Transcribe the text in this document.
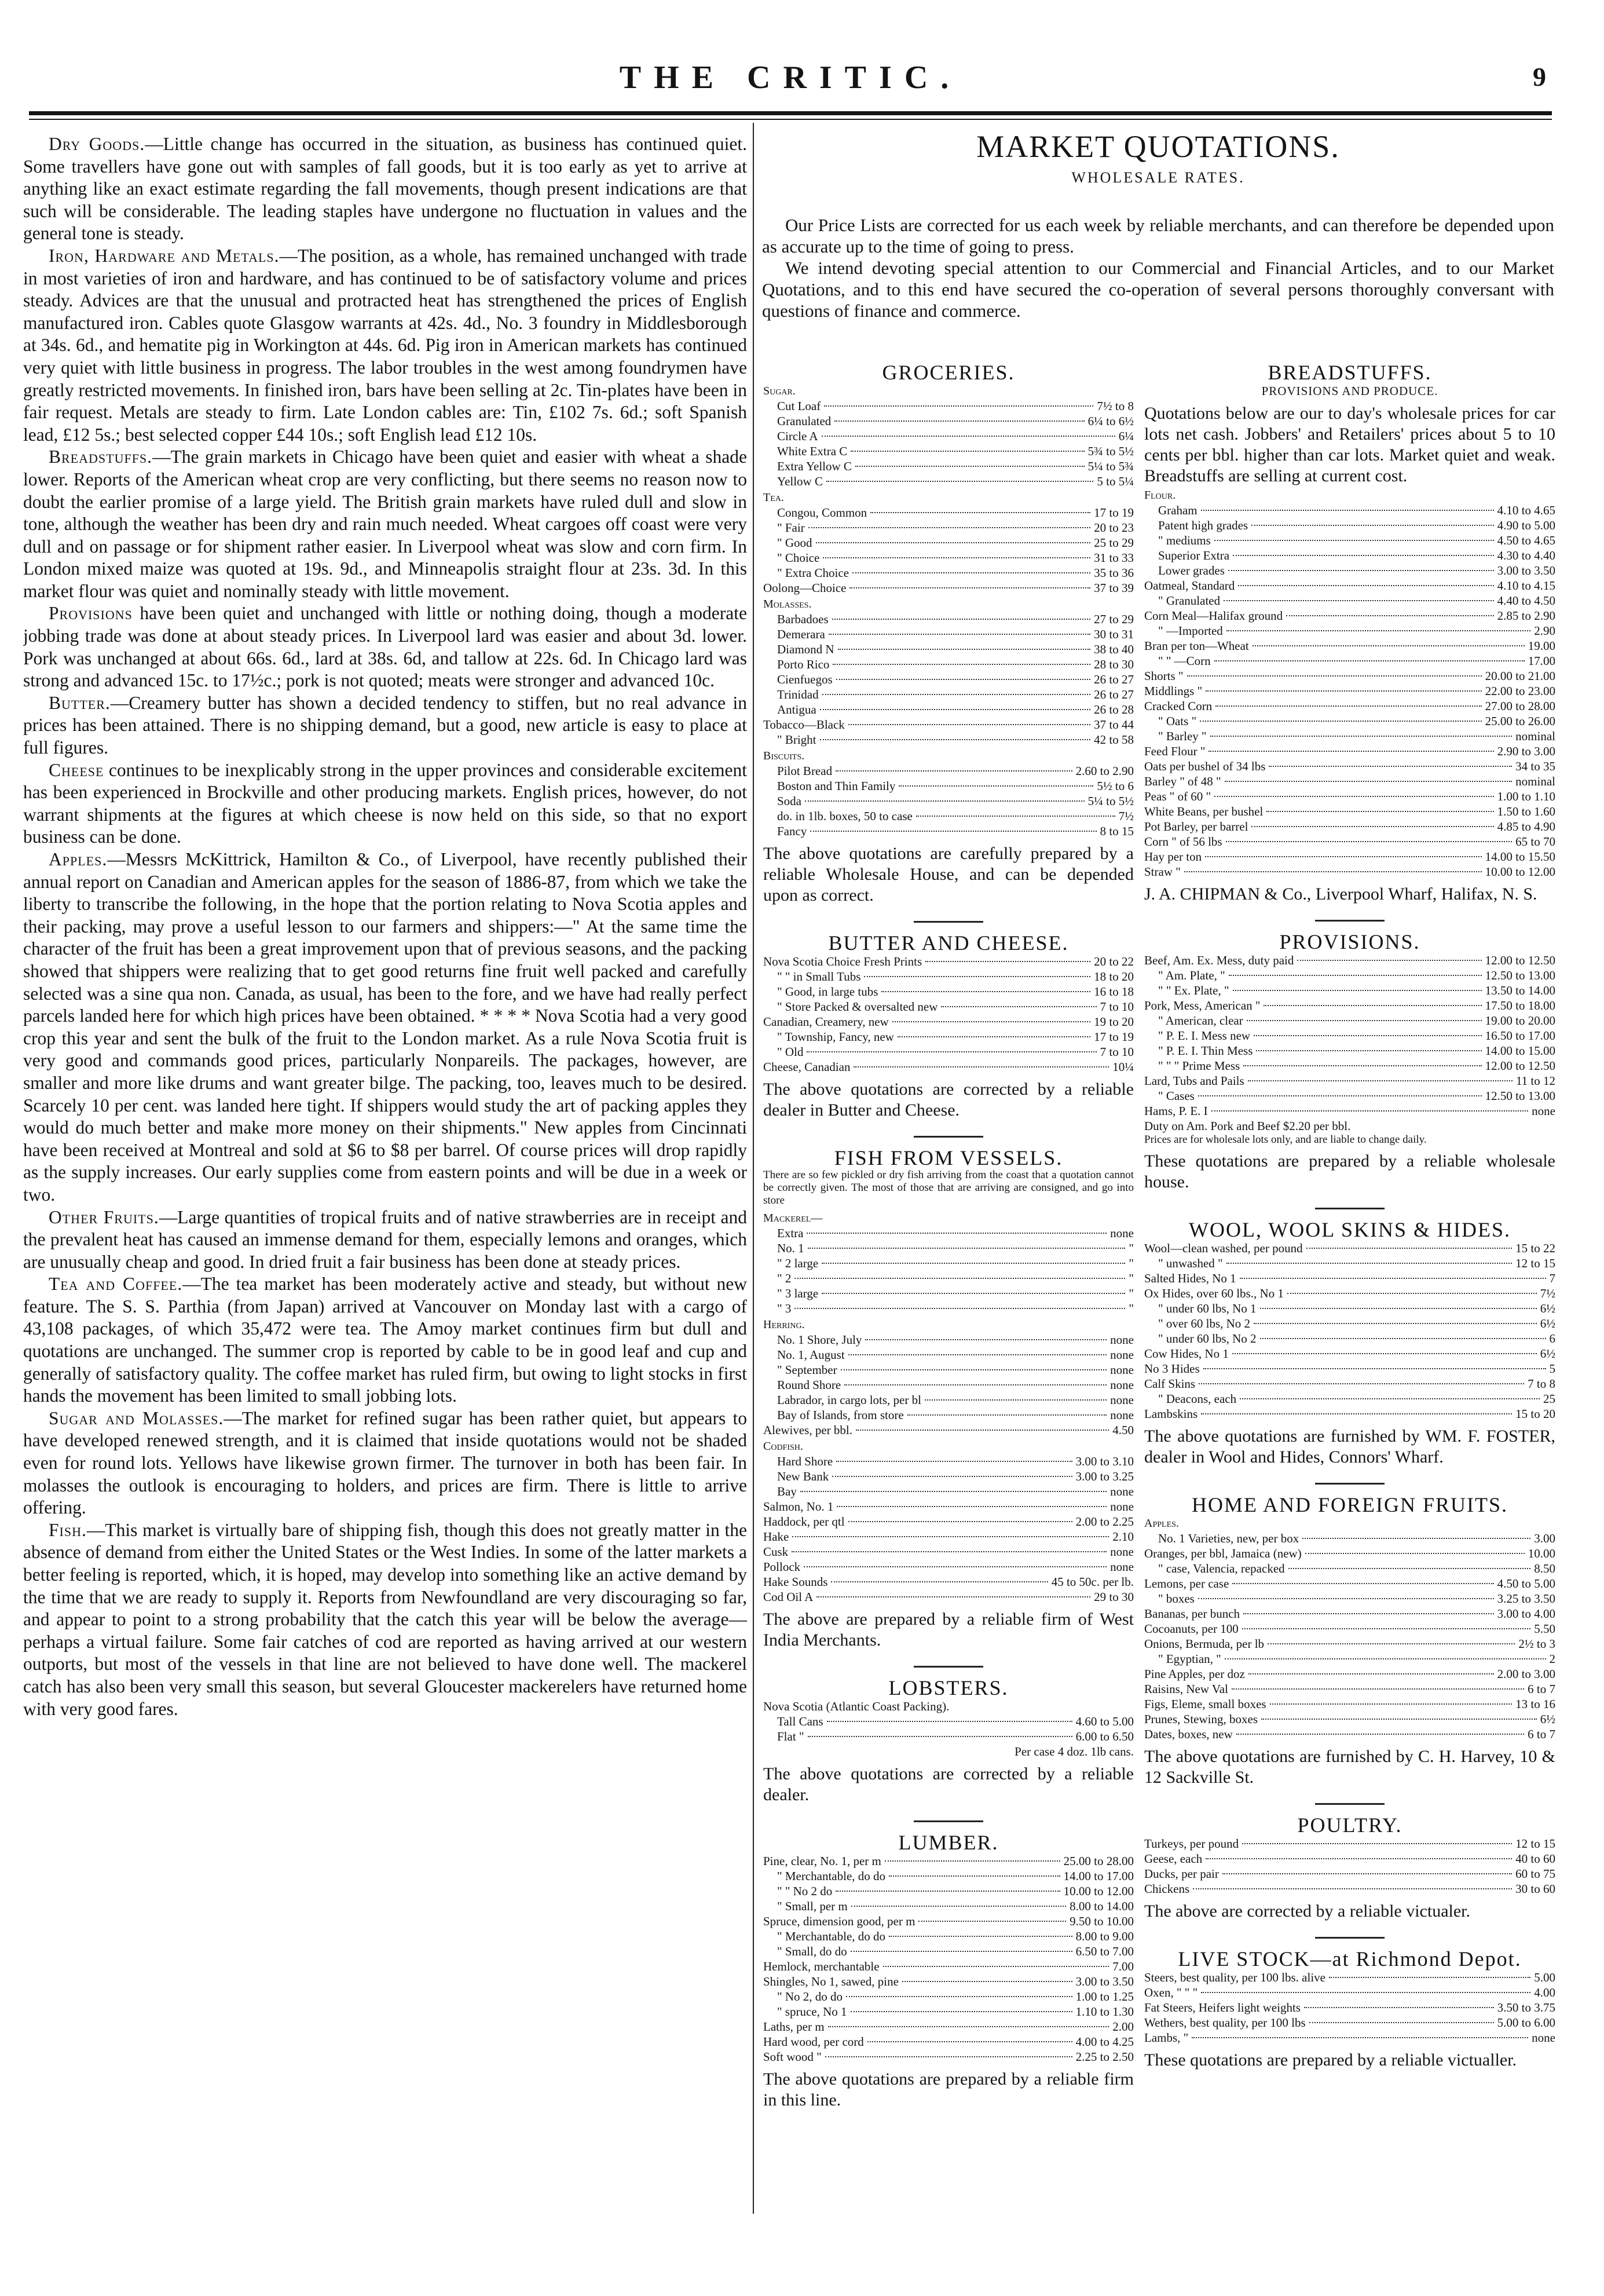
THE CRITIC.	9

Dry Goods.—Little change has occurred in the situation, as business has continued quiet. Some travellers have gone out with samples of fall goods, but it is too early as yet to arrive at anything like an exact estimate regarding the fall movements, though present indications are that such will be considerable. The leading staples have undergone no fluctuation in values and the general tone is steady.

Iron, Hardware and Metals.—The position, as a whole, has remained unchanged with trade in most varieties of iron and hardware, and has continued to be of satisfactory volume and prices steady. Advices are that the unusual and protracted heat has strengthened the prices of English manufactured iron. Cables quote Glasgow warrants at 42s. 4d., No. 3 foundry in Middlesborough at 34s. 6d., and hematite pig in Workington at 44s. 6d. Pig iron in American markets has continued very quiet with little business in progress. The labor troubles in the west among foundrymen have greatly restricted movements. In finished iron, bars have been selling at 2c. Tin-plates have been in fair request. Metals are steady to firm. Late London cables are: Tin, £102 7s. 6d.; soft Spanish lead, £12 5s.; best selected copper £44 10s.; soft English lead £12 10s.

Breadstuffs.—The grain markets in Chicago have been quiet and easier with wheat a shade lower. Reports of the American wheat crop are very conflicting, but there seems no reason now to doubt the earlier promise of a large yield. The British grain markets have ruled dull and slow in tone, although the weather has been dry and rain much needed. Wheat cargoes off coast were very dull and on passage or for shipment rather easier. In Liverpool wheat was slow and corn firm. In London mixed maize was quoted at 19s. 9d., and Minneapolis straight flour at 23s. 3d. In this market flour was quiet and nominally steady with little movement.

Provisions have been quiet and unchanged with little or nothing doing, though a moderate jobbing trade was done at about steady prices. In Liverpool lard was easier and about 3d. lower. Pork was unchanged at about 66s. 6d., lard at 38s. 6d, and tallow at 22s. 6d. In Chicago lard was strong and advanced 15c. to 17½c.; pork is not quoted; meats were stronger and advanced 10c.

Butter.—Creamery butter has shown a decided tendency to stiffen, but no real advance in prices has been attained. There is no shipping demand, but a good, new article is easy to place at full figures.

Cheese continues to be inexplicably strong in the upper provinces and considerable excitement has been experienced in Brockville and other producing markets. English prices, however, do not warrant shipments at the figures at which cheese is now held on this side, so that no export business can be done.

Apples.—Messrs McKittrick, Hamilton & Co., of Liverpool, have recently published their annual report on Canadian and American apples for the season of 1886-87, from which we take the liberty to transcribe the following, in the hope that the portion relating to Nova Scotia apples and their packing, may prove a useful lesson to our farmers and shippers:—" At the same time the character of the fruit has been a great improvement upon that of previous seasons, and the packing showed that shippers were realizing that to get good returns fine fruit well packed and carefully selected was a sine qua non. Canada, as usual, has been to the fore, and we have had really perfect parcels landed here for which high prices have been obtained. * * * * Nova Scotia had a very good crop this year and sent the bulk of the fruit to the London market. As a rule Nova Scotia fruit is very good and commands good prices, particularly Nonpareils. The packages, however, are smaller and more like drums and want greater bilge. The packing, too, leaves much to be desired. Scarcely 10 per cent. was landed here tight. If shippers would study the art of packing apples they would do much better and make more money on their shipments." New apples from Cincinnati have been received at Montreal and sold at $6 to $8 per barrel. Of course prices will drop rapidly as the supply increases. Our early supplies come from eastern points and will be due in a week or two.

Other Fruits.—Large quantities of tropical fruits and of native strawberries are in receipt and the prevalent heat has caused an immense demand for them, especially lemons and oranges, which are unusually cheap and good. In dried fruit a fair business has been done at steady prices.

Tea and Coffee.—The tea market has been moderately active and steady, but without new feature. The S. S. Parthia (from Japan) arrived at Vancouver on Monday last with a cargo of 43,108 packages, of which 35,472 were tea. The Amoy market continues firm but dull and quotations are unchanged. The summer crop is reported by cable to be in good leaf and cup and generally of satisfactory quality. The coffee market has ruled firm, but owing to light stocks in first hands the movement has been limited to small jobbing lots.

Sugar and Molasses.—The market for refined sugar has been rather quiet, but appears to have developed renewed strength, and it is claimed that inside quotations would not be shaded even for round lots. Yellows have likewise grown firmer. The turnover in both has been fair. In molasses the outlook is encouraging to holders, and prices are firm. There is little to arrive offering.

Fish.—This market is virtually bare of shipping fish, though this does not greatly matter in the absence of demand from either the United States or the West Indies. In some of the latter markets a better feeling is reported, which, it is hoped, may develop into something like an active demand by the time that we are ready to supply it. Reports from Newfoundland are very discouraging so far, and appear to point to a strong probability that the catch this year will be below the average—perhaps a virtual failure. Some fair catches of cod are reported as having arrived at our western outports, but most of the vessels in that line are not believed to have done well. The mackerel catch has also been very small this season, but several Gloucester mackerelers have returned home with very good fares.

MARKET QUOTATIONS.
WHOLESALE RATES.

Our Price Lists are corrected for us each week by reliable merchants, and can therefore be depended upon as accurate up to the time of going to press.

We intend devoting special attention to our Commercial and Financial Articles, and to our Market Quotations, and to this end have secured the co-operation of several persons thoroughly conversant with questions of finance and commerce.

GROCERIES.
Sugar.
Cut Loaf	7½ to 8
Granulated	6¼ to 6½
Circle A	6¼
White Extra C	5¾ to 5½
Extra Yellow C	5¼ to 5¾
Yellow C	5 to 5¼
Tea.
Congou, Common	17 to 19
" Fair	20 to 23
" Good	25 to 29
" Choice	31 to 33
" Extra Choice	35 to 36
Oolong—Choice	37 to 39
Molasses.
Barbadoes	27 to 29
Demerara	30 to 31
Diamond N	38 to 40
Porto Rico	28 to 30
Cienfuegos	26 to 27
Trinidad	26 to 27
Antigua	26 to 28
Tobacco—Black	37 to 44
" Bright	42 to 58
Biscuits.
Pilot Bread	2.60 to 2.90
Boston and Thin Family	5½ to 6
Soda	5¼ to 5½
do. in 1lb. boxes, 50 to case	7½
Fancy	8 to 15
The above quotations are carefully prepared by a reliable Wholesale House, and can be depended upon as correct.
BUTTER AND CHEESE.
Nova Scotia Choice Fresh Prints	20 to 22
" " in Small Tubs	18 to 20
" Good, in large tubs	16 to 18
" Store Packed & oversalted new	7 to 10
Canadian, Creamery, new	19 to 20
" Township, Fancy, new	17 to 19
" Old	7 to 10
Cheese, Canadian	10¼
The above quotations are corrected by a reliable dealer in Butter and Cheese.
FISH FROM VESSELS.
There are so few pickled or dry fish arriving from the coast that a quotation cannot be correctly given. The most of those that are arriving are consigned, and go into store
Mackerel—
Extra	none
No. 1	"
" 2 large	"
" 2	"
" 3 large	"
" 3	"
Herring.
No. 1 Shore, July	none
No. 1, August	none
" September	none
Round Shore	none
Labrador, in cargo lots, per bl	none
Bay of Islands, from store	none
Alewives, per bbl.	4.50
Codfish.
Hard Shore	3.00 to 3.10
New Bank	3.00 to 3.25
Bay	none
Salmon, No. 1	none
Haddock, per qtl	2.00 to 2.25
Hake	2.10
Cusk	none
Pollock	none
Hake Sounds	45 to 50c. per lb.
Cod Oil A	29 to 30
The above are prepared by a reliable firm of West India Merchants.
LOBSTERS.
Nova Scotia (Atlantic Coast Packing).
Tall Cans	4.60 to 5.00
Flat "	6.00 to 6.50
Per case 4 doz. 1lb cans.
The above quotations are corrected by a reliable dealer.
LUMBER.
Pine, clear, No. 1, per m	25.00 to 28.00
" Merchantable, do do	14.00 to 17.00
" " No 2 do	10.00 to 12.00
" Small, per m	8.00 to 14.00
Spruce, dimension good, per m	9.50 to 10.00
" Merchantable, do do	8.00 to 9.00
" Small, do do	6.50 to 7.00
Hemlock, merchantable	7.00
Shingles, No 1, sawed, pine	3.00 to 3.50
" No 2, do do	1.00 to 1.25
" spruce, No 1	1.10 to 1.30
Laths, per m	2.00
Hard wood, per cord	4.00 to 4.25
Soft wood "	2.25 to 2.50
The above quotations are prepared by a reliable firm in this line.
BREADSTUFFS.
PROVISIONS AND PRODUCE.
Quotations below are our to day's wholesale prices for car lots net cash. Jobbers' and Retailers' prices about 5 to 10 cents per bbl. higher than car lots. Market quiet and weak. Breadstuffs are selling at current cost.
Flour.
Graham	4.10 to 4.65
Patent high grades	4.90 to 5.00
" mediums	4.50 to 4.65
Superior Extra	4.30 to 4.40
Lower grades	3.00 to 3.50
Oatmeal, Standard	4.10 to 4.15
" Granulated	4.40 to 4.50
Corn Meal—Halifax ground	2.85 to 2.90
" —Imported	2.90
Bran per ton—Wheat	19.00
" " —Corn	17.00
Shorts "	20.00 to 21.00
Middlings "	22.00 to 23.00
Cracked Corn	27.00 to 28.00
" Oats "	25.00 to 26.00
" Barley "	nominal
Feed Flour "	2.90 to 3.00
Oats per bushel of 34 lbs	34 to 35
Barley " of 48 "	nominal
Peas " of 60 "	1.00 to 1.10
White Beans, per bushel	1.50 to 1.60
Pot Barley, per barrel	4.85 to 4.90
Corn " of 56 lbs	65 to 70
Hay per ton	14.00 to 15.50
Straw "	10.00 to 12.00
J. A. CHIPMAN & Co., Liverpool Wharf, Halifax, N. S.
PROVISIONS.
Beef, Am. Ex. Mess, duty paid	12.00 to 12.50
" Am. Plate, "	12.50 to 13.00
" " Ex. Plate, "	13.50 to 14.00
Pork, Mess, American "	17.50 to 18.00
" American, clear	19.00 to 20.00
" P. E. I. Mess new	16.50 to 17.00
" P. E. I. Thin Mess	14.00 to 15.00
" " " Prime Mess	12.00 to 12.50
Lard, Tubs and Pails	11 to 12
" Cases	12.50 to 13.00
Hams, P. E. I	none
Duty on Am. Pork and Beef $2.20 per bbl.
Prices are for wholesale lots only, and are liable to change daily.
These quotations are prepared by a reliable wholesale house.
WOOL, WOOL SKINS & HIDES.
Wool—clean washed, per pound	15 to 22
" unwashed "	12 to 15
Salted Hides, No 1	7
Ox Hides, over 60 lbs., No 1	7½
" under 60 lbs, No 1	6½
" over 60 lbs, No 2	6½
" under 60 lbs, No 2	6
Cow Hides, No 1	6½
No 3 Hides	5
Calf Skins	7 to 8
" Deacons, each	25
Lambskins	15 to 20
The above quotations are furnished by WM. F. FOSTER, dealer in Wool and Hides, Connors' Wharf.
HOME AND FOREIGN FRUITS.
Apples.
No. 1 Varieties, new, per box	3.00
Oranges, per bbl, Jamaica (new)	10.00
" case, Valencia, repacked	8.50
Lemons, per case	4.50 to 5.00
" boxes	3.25 to 3.50
Bananas, per bunch	3.00 to 4.00
Cocoanuts, per 100	5.50
Onions, Bermuda, per lb	2½ to 3
" Egyptian, "	2
Pine Apples, per doz	2.00 to 3.00
Raisins, New Val	6 to 7
Figs, Eleme, small boxes	13 to 16
Prunes, Stewing, boxes	6½
Dates, boxes, new	6 to 7
The above quotations are furnished by C. H. Harvey, 10 & 12 Sackville St.
POULTRY.
Turkeys, per pound	12 to 15
Geese, each	40 to 60
Ducks, per pair	60 to 75
Chickens	30 to 60
The above are corrected by a reliable victualer.
LIVE STOCK—at Richmond Depot.
Steers, best quality, per 100 lbs. alive	5.00
Oxen, " " "	4.00
Fat Steers, Heifers light weights	3.50 to 3.75
Wethers, best quality, per 100 lbs	5.00 to 6.00
Lambs, "	none
These quotations are prepared by a reliable victualler.
